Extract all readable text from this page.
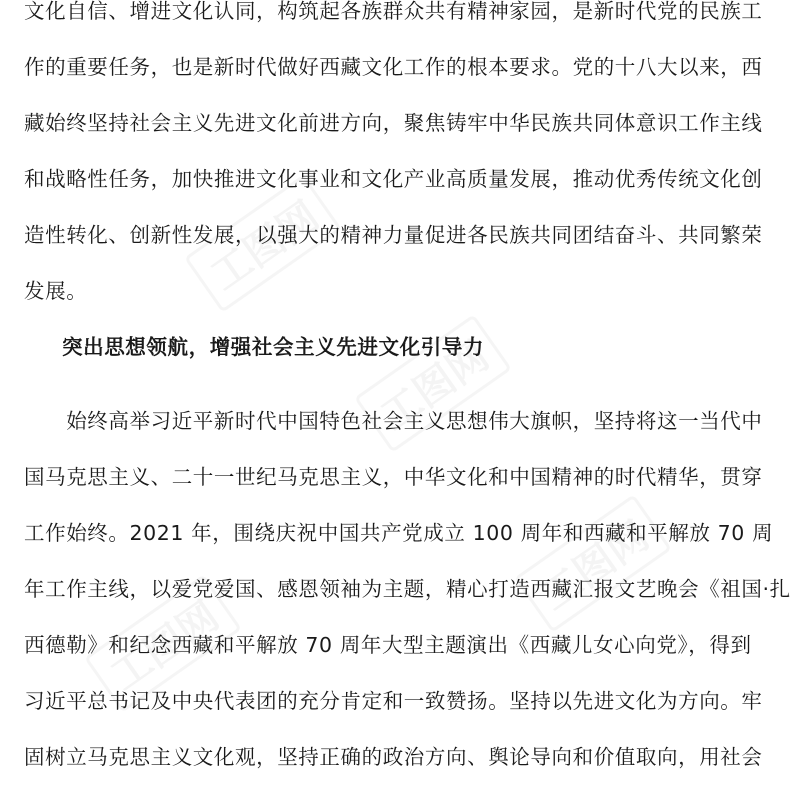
工图网
工图网
工图网
工图网
文化自信、增进文化认同，构筑起各族群众共有精神家园，是新时代党的民族工
作的重要任务，也是新时代做好西藏文化工作的根本要求。党的十八大以来，西
藏始终坚持社会主义先进文化前进方向，聚焦铸牢中华民族共同体意识工作主线
和战略性任务，加快推进文化事业和文化产业高质量发展，推动优秀传统文化创
造性转化、创新性发展，以强大的精神力量促进各民族共同团结奋斗、共同繁荣
发展。
突出思想领航，增强社会主义先进文化引导力
　　始终高举习近平新时代中国特色社会主义思想伟大旗帜，坚持将这一当代中
国马克思主义、二十一世纪马克思主义，中华文化和中国精神的时代精华，贯穿
工作始终。2021 年，围绕庆祝中国共产党成立 100 周年和西藏和平解放 70 周
年工作主线，以爱党爱国、感恩领袖为主题，精心打造西藏汇报文艺晚会《祖国·扎
西德勒》和纪念西藏和平解放 70 周年大型主题演出《西藏儿女心向党》，得到
习近平总书记及中央代表团的充分肯定和一致赞扬。坚持以先进文化为方向。牢
固树立马克思主义文化观，坚持正确的政治方向、舆论导向和价值取向，用社会
